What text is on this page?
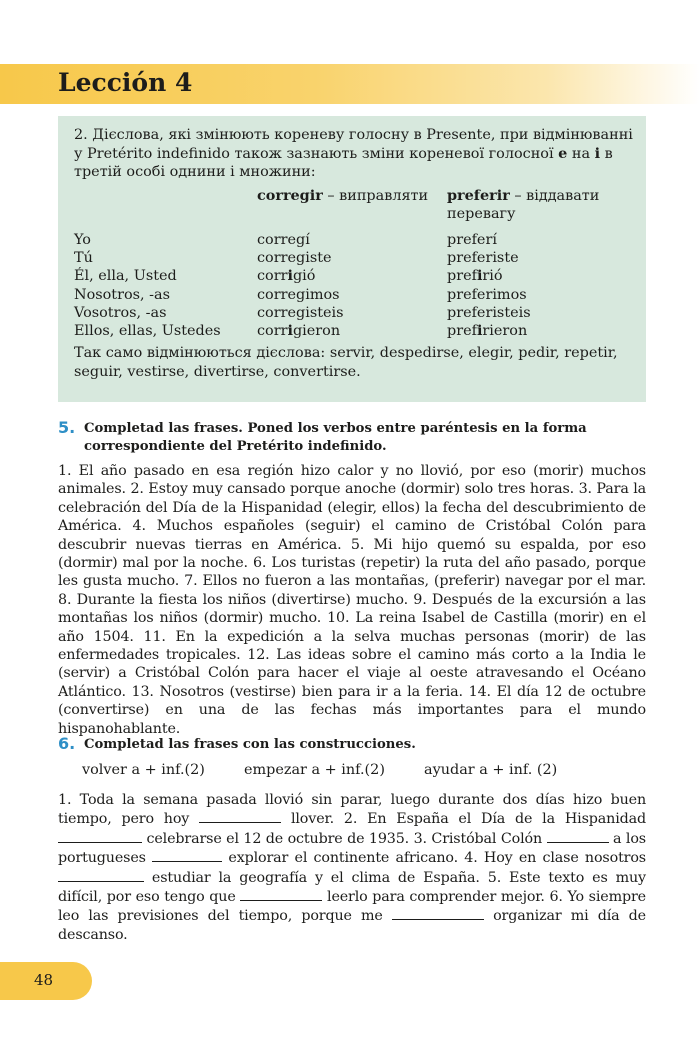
Lección 4

2. Дієслова, які змінюють кореневу голосну в Presente, при відмінюванні у Pretérito indefinido також зазнають зміни кореневої голосної е на і в третій особі однини і множини:

corregir – виправляти preferir – віддавати
перевагу
Yo	corregí	preferí
Tú	corregiste	preferiste
Él, ella, Usted	corrigió	prefirió
Nosotros, -as	corregimos	preferimos
Vosotros, -as	corregisteis	preferisteis
Ellos, ellas, Ustedes	corrigieron	prefirieron

Так само відмінюються дієслова: servir, despedirse, elegir, pedir, repetir, seguir, vestirse, divertirse, convertirse.

5. Completad las frases. Poned los verbos entre paréntesis en la forma correspondiente del Pretérito indefinido.
1. El año pasado en esa región hizo calor y no llovió, por eso (morir) muchos animales. 2. Estoy muy cansado porque anoche (dormir) solo tres horas. 3. Para la celebración del Día de la Hispanidad (elegir, ellos) la fecha del descubrimiento de América. 4. Muchos españoles (seguir) el camino de Cristóbal Colón para descubrir nuevas tierras en América. 5. Mi hijo quemó su espalda, por eso (dormir) mal por la noche. 6. Los turistas (repetir) la ruta del año pasado, porque les gusta mucho. 7. Ellos no fueron a las montañas, (preferir) navegar por el mar. 8. Durante la fiesta los niños (divertirse) mucho. 9. Después de la excursión a las montañas los niños (dormir) mucho. 10. La reina Isabel de Castilla (morir) en el año 1504. 11. En la expedición a la selva muchas personas (morir) de las enfermedades tropicales. 12. Las ideas sobre el camino más corto a la India le (servir) a Cristóbal Colón para hacer el viaje al oeste atravesando el Océano Atlántico. 13. Nosotros (vestirse) bien para ir a la feria. 14. El día 12 de octubre (convertirse) en una de las fechas más importantes para el mundo hispanohablante.
6. Completad las frases con las construcciones.
volver a + inf.(2)	empezar a + inf.(2)	ayudar a + inf. (2)
1. Toda la semana pasada llovió sin parar, luego durante dos días hizo buen tiempo, pero hoy	llover. 2. En España el Día de la Hispanidad  celebrarse el 12 de octubre de 1935. 3. Cristóbal Colón	a los portugueses	explorar el continente africano. 4. Hoy en clase nosotros  estudiar la geografía y el clima de España. 5. Este texto es muy difícil, por eso tengo que	leerlo para comprender mejor. 6. Yo siempre leo las previsiones del tiempo, porque me	organizar mi día de descanso.
48
